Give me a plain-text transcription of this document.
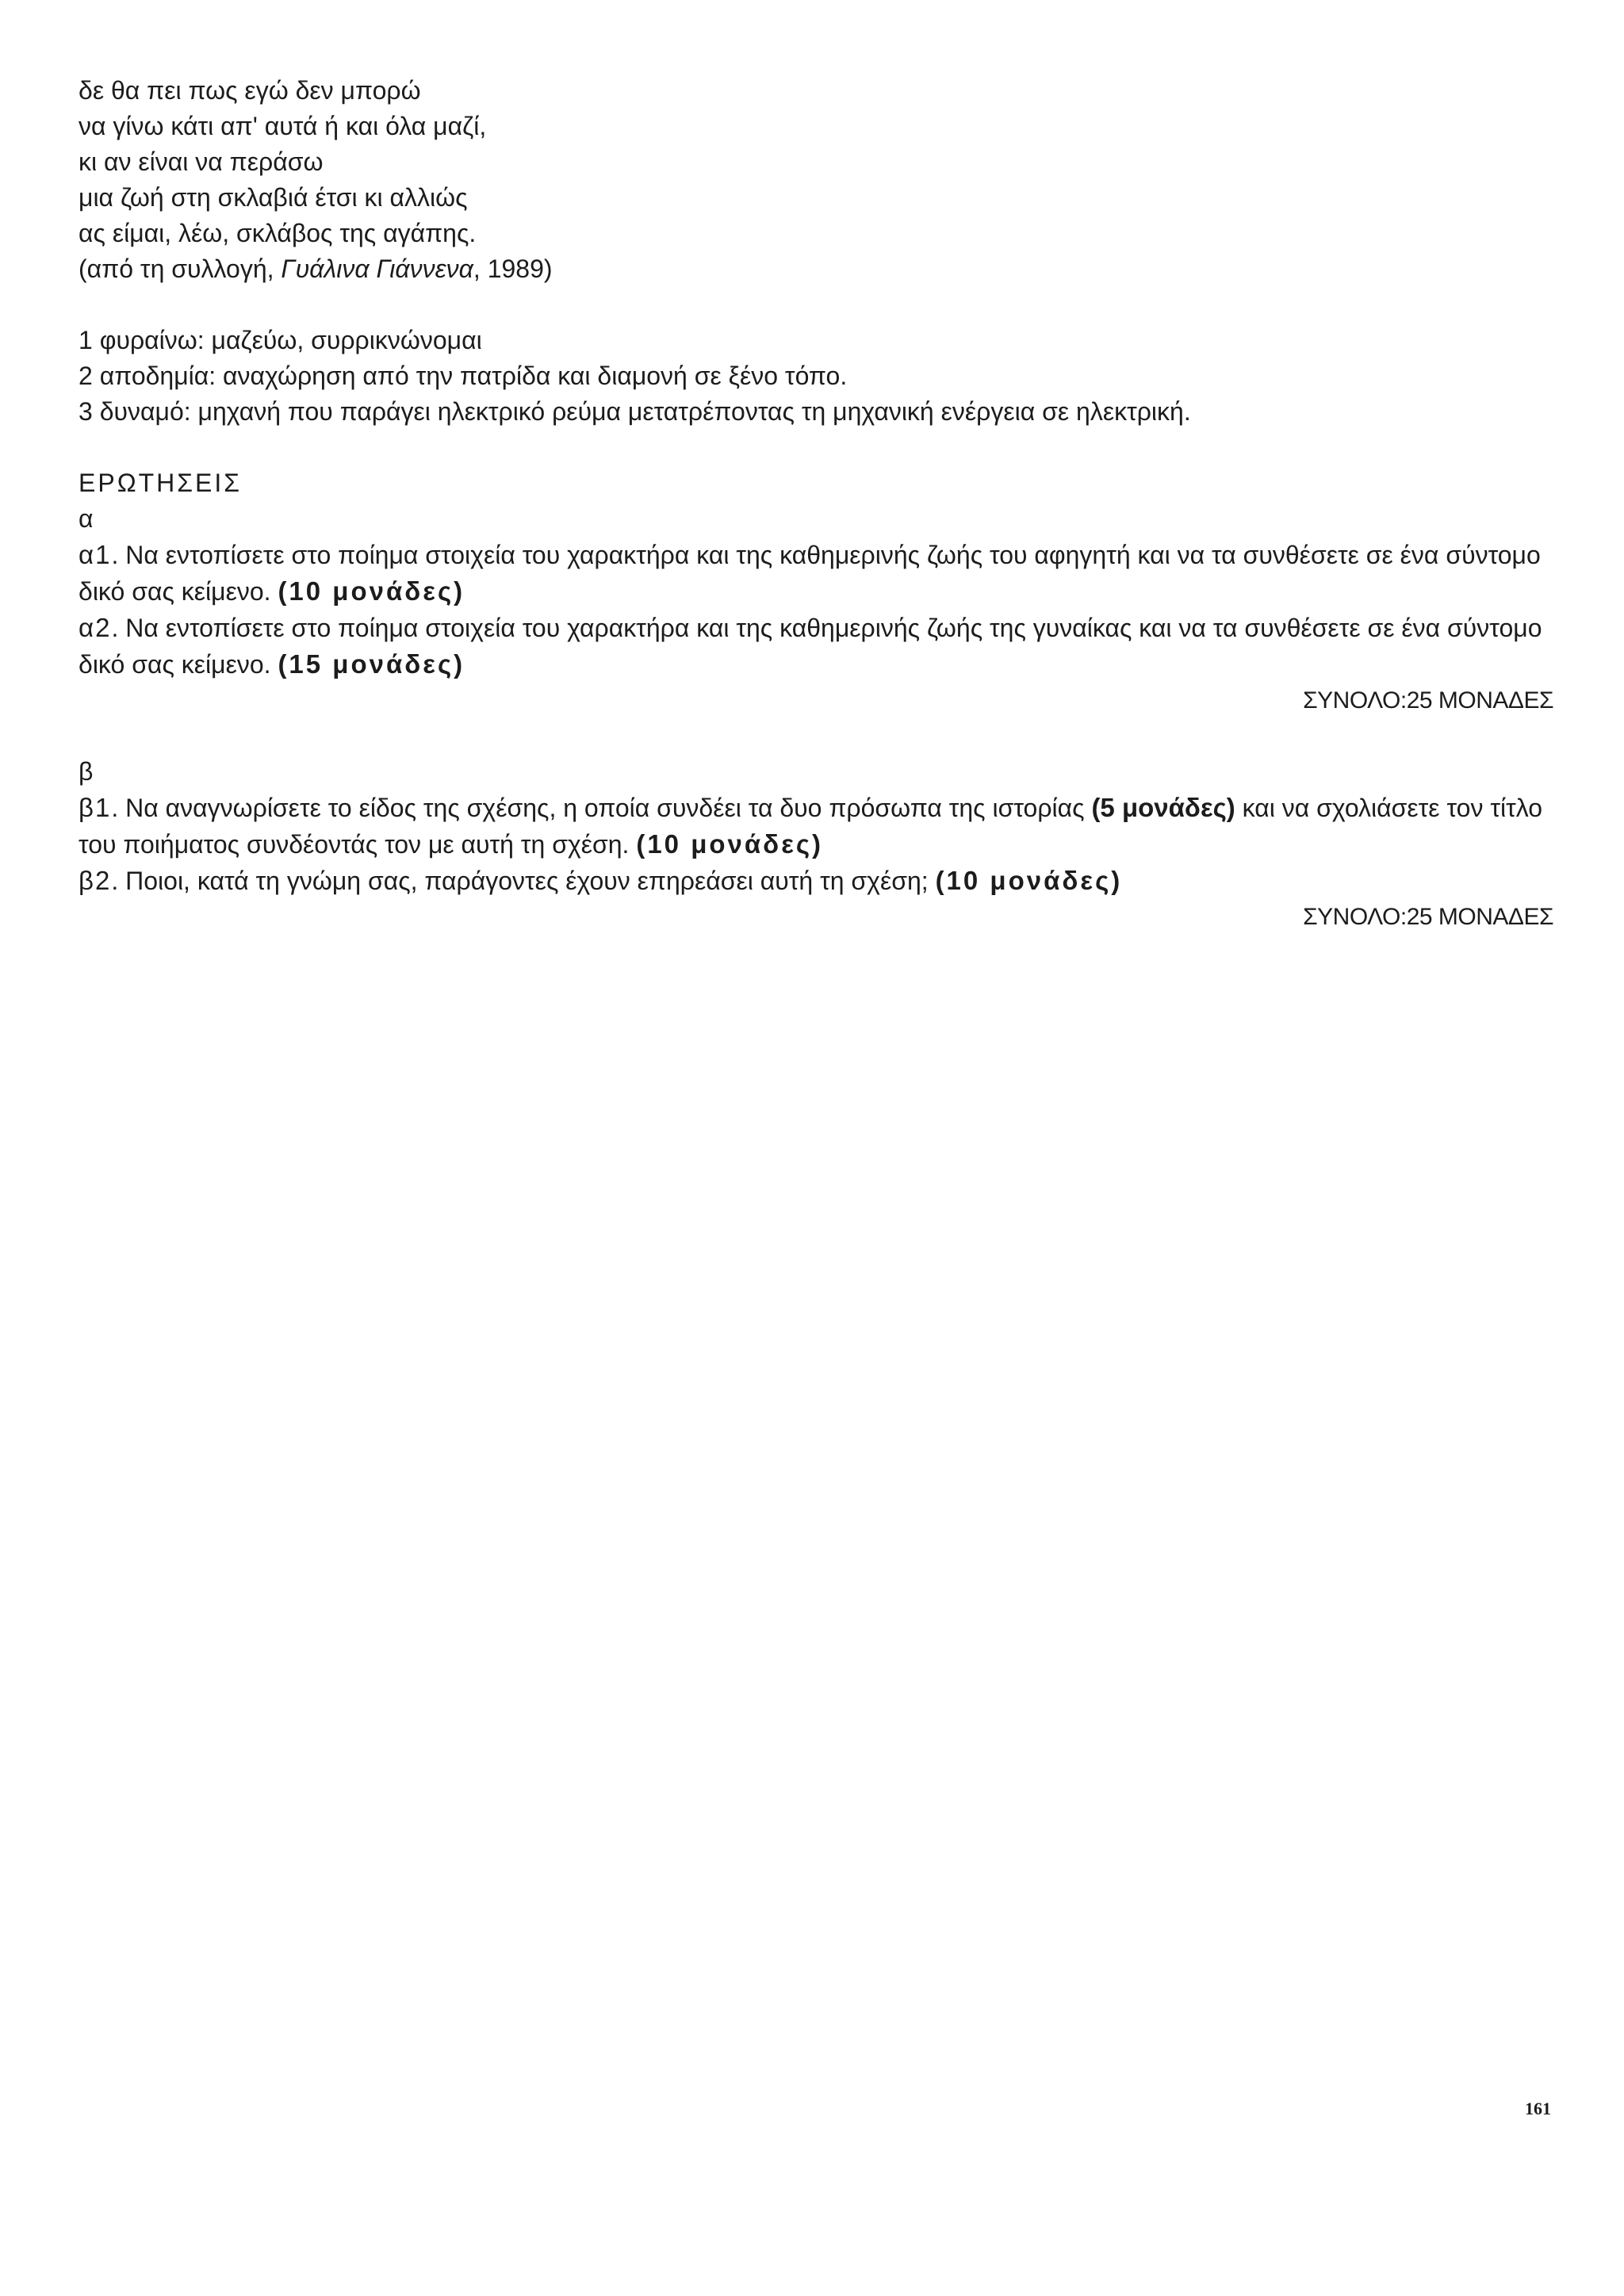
δε θα πει πως εγώ δεν μπορώ
να γίνω κάτι απ' αυτά ή και όλα μαζί,
κι αν είναι να περάσω
μια ζωή στη σκλαβιά έτσι κι αλλιώς
ας είμαι, λέω, σκλάβος της αγάπης.
(από τη συλλογή, Γυάλινα Γιάννενα, 1989)
1 φυραίνω: μαζεύω, συρρικνώνομαι
2 αποδημία: αναχώρηση από την πατρίδα και διαμονή σε ξένο τόπο.
3 δυναμό: μηχανή που παράγει ηλεκτρικό ρεύμα μετατρέποντας τη μηχανική ενέργεια σε ηλεκτρική.
ΕΡΩΤΗΣΕΙΣ
α
α1. Να εντοπίσετε στο ποίημα στοιχεία του χαρακτήρα και της καθημερινής ζωής του αφηγητή και να τα συνθέσετε σε ένα σύντομο δικό σας κείμενο. (10 μονάδες)
α2. Να εντοπίσετε στο ποίημα στοιχεία του χαρακτήρα και της καθημερινής ζωής της γυναίκας και να τα συνθέσετε σε ένα σύντομο δικό σας κείμενο. (15 μονάδες)
ΣΥΝΟΛΟ:25 ΜΟΝΑΔΕΣ
β
β1. Να αναγνωρίσετε το είδος της σχέσης, η οποία συνδέει τα δυο πρόσωπα της ιστορίας (5 μονάδες) και να σχολιάσετε τον τίτλο του ποιήματος συνδέοντάς τον με αυτή τη σχέση. (10 μονάδες)
β2. Ποιοι, κατά τη γνώμη σας, παράγοντες έχουν επηρεάσει αυτή τη σχέση; (10 μονάδες)
ΣΥΝΟΛΟ:25 ΜΟΝΑΔΕΣ
161
